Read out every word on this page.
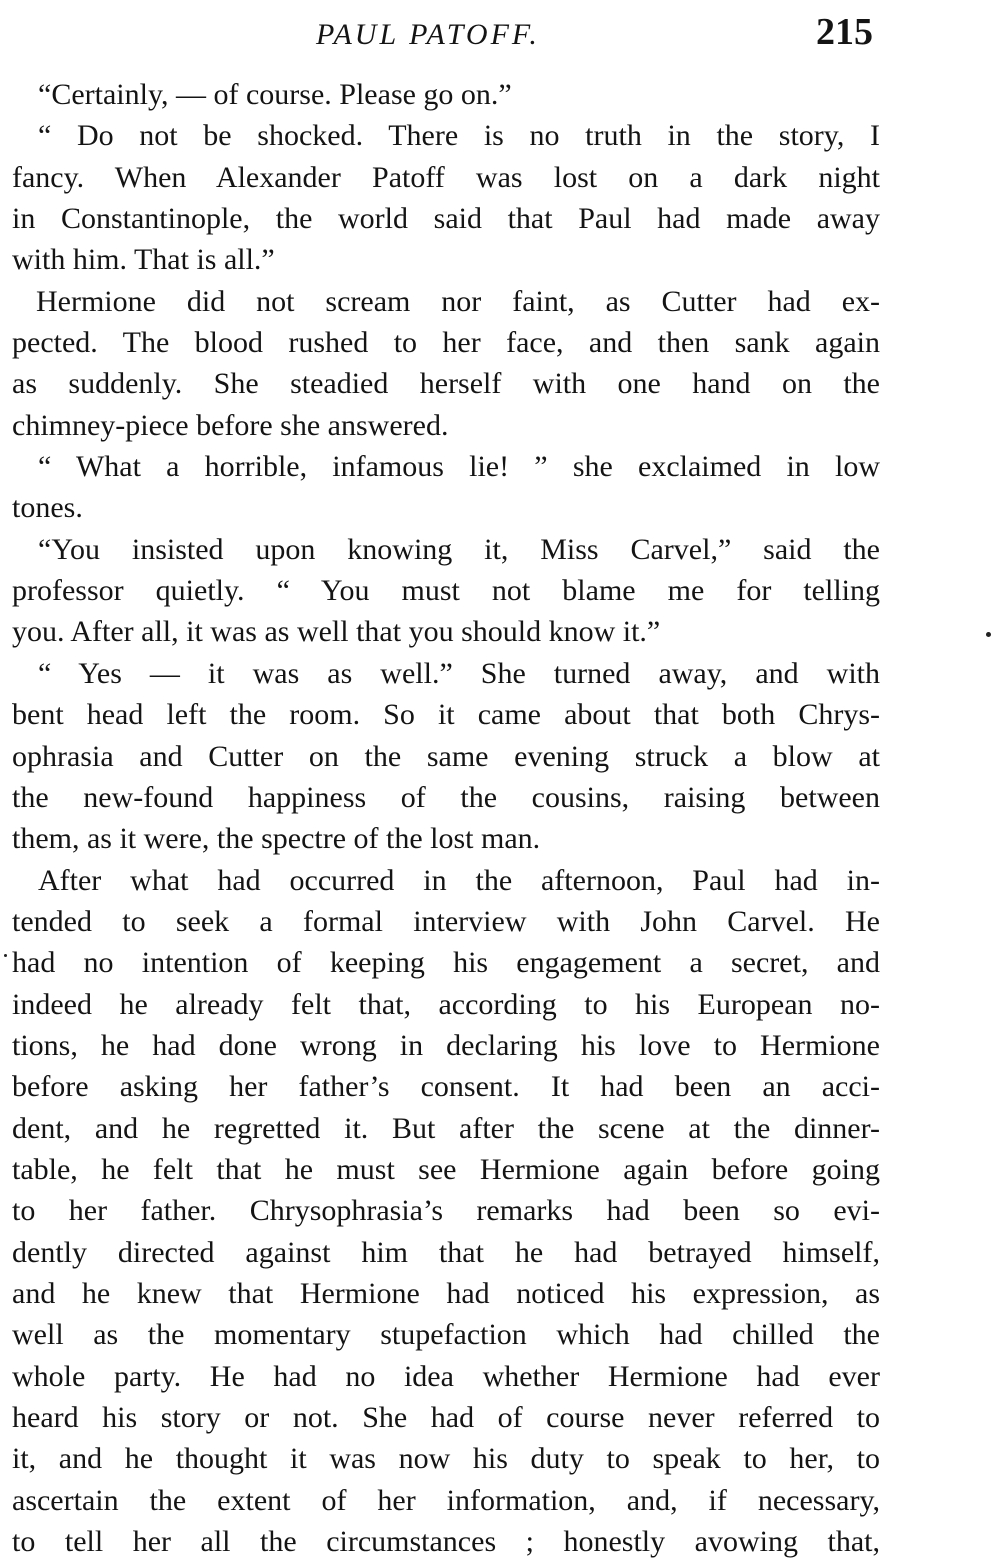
PAUL PATOFF.	215
“Certainly, — of course. Please go on.”
“ Do not be shocked. There is no truth in the story, I
fancy. When Alexander Patoff was lost on a dark night
in Constantinople, the world said that Paul had made away
with him. That is all.”
Hermione did not scream nor faint, as Cutter had ex-
pected. The blood rushed to her face, and then sank again
as suddenly. She steadied herself with one hand on the
chimney-piece before she answered.
“ What a horrible, infamous lie! ” she exclaimed in low
tones.
“You insisted upon knowing it, Miss Carvel,” said the
professor quietly. “ You must not blame me for telling
you. After all, it was as well that you should know it.”
“ Yes — it was as well.” She turned away, and with
bent head left the room. So it came about that both Chrys-
ophrasia and Cutter on the same evening struck a blow at
the new-found happiness of the cousins, raising between
them, as it were, the spectre of the lost man.
After what had occurred in the afternoon, Paul had in-
tended to seek a formal interview with John Carvel. He
had no intention of keeping his engagement a secret, and
indeed he already felt that, according to his European no-
tions, he had done wrong in declaring his love to Hermione
before asking her father’s consent. It had been an acci-
dent, and he regretted it. But after the scene at the dinner-
table, he felt that he must see Hermione again before going
to her father. Chrysophrasia’s remarks had been so evi-
dently directed against him that he had betrayed himself,
and he knew that Hermione had noticed his expression, as
well as the momentary stupefaction which had chilled the
whole party. He had no idea whether Hermione had ever
heard his story or not. She had of course never referred to
it, and he thought it was now his duty to speak to her, to
ascertain the extent of her information, and, if necessary,
to tell her all the circumstances ; honestly avowing that,
